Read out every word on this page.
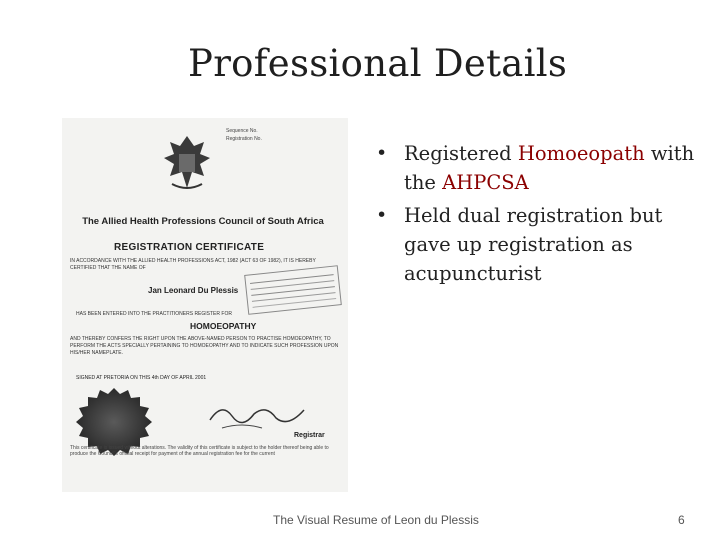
Professional Details
Sequence No.
Registration No.
The Allied Health Professions Council of South Africa
REGISTRATION CERTIFICATE
IN ACCORDANCE WITH THE ALLIED HEALTH PROFESSIONS ACT, 1982 (ACT 63 OF 1982), IT IS HEREBY CERTIFIED THAT THE NAME OF
Jan Leonard Du Plessis
HAS BEEN ENTERED INTO THE PRACTITIONERS REGISTER FOR
HOMOEOPATHY
AND THEREBY CONFERS THE RIGHT UPON THE ABOVE-NAMED PERSON TO PRACTISE HOMOEOPATHY, TO PERFORM THE ACTS SPECIALLY PERTAINING TO HOMOEOPATHY AND TO INDICATE SUCH PROFESSION UPON HIS/HER NAMEPLATE.
SIGNED AT PRETORIA ON THIS 4th DAY OF APRIL 2001
Registrar
This certificate is issued without alterations. The validity of this certificate is subject to the holder thereof being able to produce the Council's official receipt for payment of the annual registration fee for the current
• Registered Homoeopath with the AHPCSA
• Held dual registration but gave up registration as acupuncturist
The Visual Resume of Leon du Plessis	6
